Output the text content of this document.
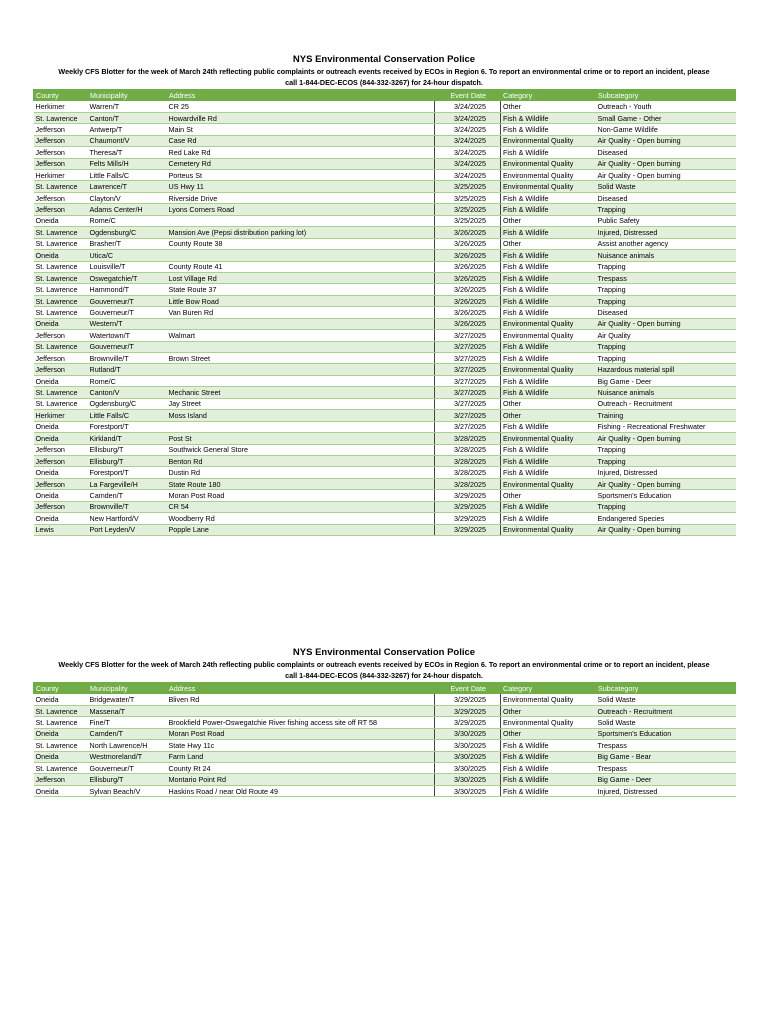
NYS Environmental Conservation Police
Weekly CFS Blotter for the week of March 24th reflecting public complaints or outreach events received by ECOs in Region 6. To report an environmental crime or to report an incident, please
call 1-844-DEC-ECOS (844-332-3267) for 24-hour dispatch.
County	Municipality	Address	Event Date	Category	Subcategory
Herkimer	Warren/T	CR 25	3/24/2025	Other	Outreach - Youth
St. Lawrence	Canton/T	Howardville Rd	3/24/2025	Fish & Wildlife	Small Game - Other
Jefferson	Antwerp/T	Main St	3/24/2025	Fish & Wildlife	Non-Game Wildlife
Jefferson	Chaumont/V	Case Rd	3/24/2025	Environmental Quality	Air Quality - Open burning
Jefferson	Theresa/T	Red Lake Rd	3/24/2025	Fish & Wildlife	Diseased
Jefferson	Felts Mills/H	Cemetery Rd	3/24/2025	Environmental Quality	Air Quality - Open burning
Herkimer	Little Falls/C	Porteus St	3/24/2025	Environmental Quality	Air Quality - Open burning
St. Lawrence	Lawrence/T	US Hwy 11	3/25/2025	Environmental Quality	Solid Waste
Jefferson	Clayton/V	Riverside Drive	3/25/2025	Fish & Wildlife	Diseased
Jefferson	Adams Center/H	Lyons Corners Road	3/25/2025	Fish & Wildlife	Trapping
Oneida	Rome/C		3/25/2025	Other	Public Safety
St. Lawrence	Ogdensburg/C	Mansion Ave (Pepsi distribution parking lot)	3/26/2025	Fish & Wildlife	Injured, Distressed
St. Lawrence	Brasher/T	County Route 38	3/26/2025	Other	Assist another agency
Oneida	Utica/C		3/26/2025	Fish & Wildlife	Nuisance animals
St. Lawrence	Louisville/T	County Route 41	3/26/2025	Fish & Wildlife	Trapping
St. Lawrence	Oswegatchie/T	Lost Village Rd	3/26/2025	Fish & Wildlife	Trespass
St. Lawrence	Hammond/T	State Route 37	3/26/2025	Fish & Wildlife	Trapping
St. Lawrence	Gouverneur/T	Little Bow Road	3/26/2025	Fish & Wildlife	Trapping
St. Lawrence	Gouverneur/T	Van Buren Rd	3/26/2025	Fish & Wildlife	Diseased
Oneida	Western/T		3/26/2025	Environmental Quality	Air Quality - Open burning
Jefferson	Watertown/T	Walmart	3/27/2025	Environmental Quality	Air Quality
St. Lawrence	Gouverneur/T		3/27/2025	Fish & Wildlife	Trapping
Jefferson	Brownville/T	Brown Street	3/27/2025	Fish & Wildlife	Trapping
Jefferson	Rutland/T		3/27/2025	Environmental Quality	Hazardous material spill
Oneida	Rome/C		3/27/2025	Fish & Wildlife	Big Game - Deer
St. Lawrence	Canton/V	Mechanic Street	3/27/2025	Fish & Wildlife	Nuisance animals
St. Lawrence	Ogdensburg/C	Jay Street	3/27/2025	Other	Outreach - Recruitment
Herkimer	Little Falls/C	Moss Island	3/27/2025	Other	Training
Oneida	Forestport/T		3/27/2025	Fish & Wildlife	Fishing - Recreational Freshwater
Oneida	Kirkland/T	Post St	3/28/2025	Environmental Quality	Air Quality - Open burning
Jefferson	Ellisburg/T	Southwick General Store	3/28/2025	Fish & Wildlife	Trapping
Jefferson	Ellisburg/T	Benton Rd	3/28/2025	Fish & Wildlife	Trapping
Oneida	Forestport/T	Dustin Rd	3/28/2025	Fish & Wildlife	Injured, Distressed
Jefferson	La Fargeville/H	State Route 180	3/28/2025	Environmental Quality	Air Quality - Open burning
Oneida	Camden/T	Moran Post Road	3/29/2025	Other	Sportsmen's Education
Jefferson	Brownville/T	CR 54	3/29/2025	Fish & Wildlife	Trapping
Oneida	New Hartford/V	Woodberry Rd	3/29/2025	Fish & Wildlife	Endangered Species
Lewis	Port Leyden/V	Popple Lane	3/29/2025	Environmental Quality	Air Quality - Open burning
NYS Environmental Conservation Police
Weekly CFS Blotter for the week of March 24th reflecting public complaints or outreach events received by ECOs in Region 6. To report an environmental crime or to report an incident, please
call 1-844-DEC-ECOS (844-332-3267) for 24-hour dispatch.
County	Municipality	Address	Event Date	Category	Subcategory
Oneida	Bridgewater/T	Bliven Rd	3/29/2025	Environmental Quality	Solid Waste
St. Lawrence	Massena/T		3/29/2025	Other	Outreach - Recruitment
St. Lawrence	Fine/T	Brookfield Power-Oswegatchie River fishing access site off RT 58	3/29/2025	Environmental Quality	Solid Waste
Oneida	Camden/T	Moran Post Road	3/30/2025	Other	Sportsmen's Education
St. Lawrence	North Lawrence/H	State Hwy 11c	3/30/2025	Fish & Wildlife	Trespass
Oneida	Westmoreland/T	Farm Land	3/30/2025	Fish & Wildlife	Big Game - Bear
St. Lawrence	Gouverneur/T	County Rt 24	3/30/2025	Fish & Wildlife	Trespass
Jefferson	Ellisburg/T	Montario Point Rd	3/30/2025	Fish & Wildlife	Big Game - Deer
Oneida	Sylvan Beach/V	Haskins Road / near Old Route 49	3/30/2025	Fish & Wildlife	Injured, Distressed
